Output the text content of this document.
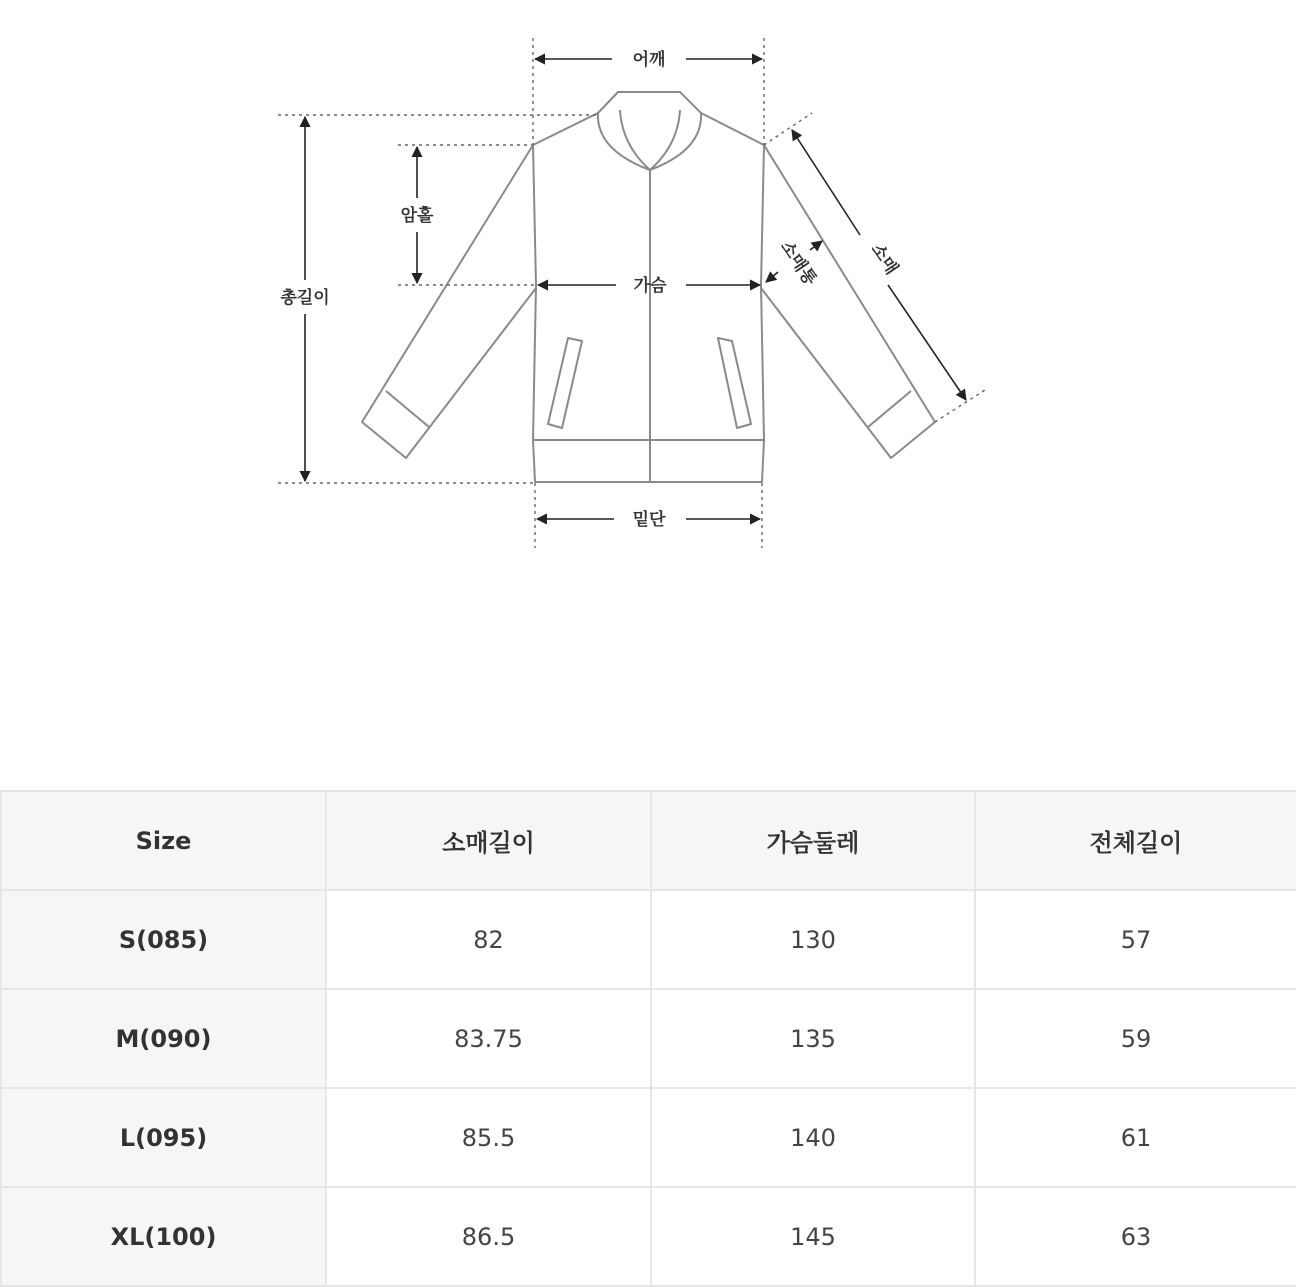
어깨
총길이
암홀
가슴
밑단
소매
소매통
Size	소매길이	가슴둘레	전체길이
S(085)	82	130	57
M(090)	83.75	135	59
L(095)	85.5	140	61
XL(100)	86.5	145	63
